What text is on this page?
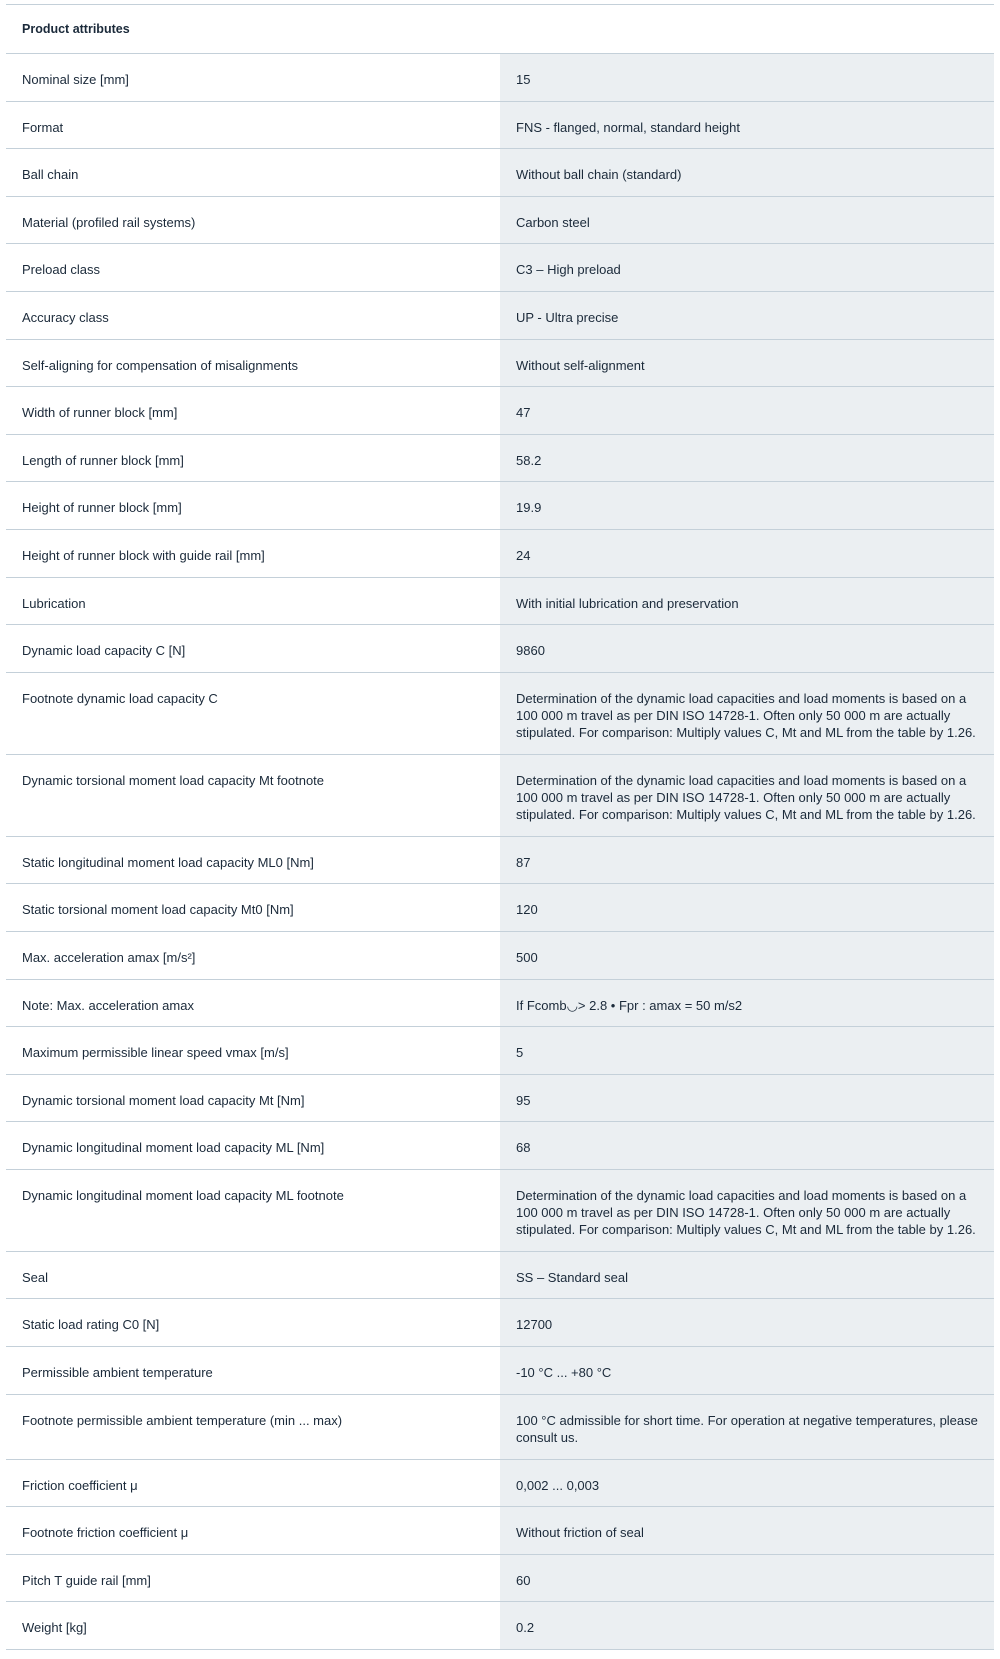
Product attributes
Nominal size [mm]	15
Format	FNS - flanged, normal, standard height
Ball chain	Without ball chain (standard)
Material (profiled rail systems)	Carbon steel
Preload class	C3 – High preload
Accuracy class	UP - Ultra precise
Self-aligning for compensation of misalignments	Without self-alignment
Width of runner block [mm]	47
Length of runner block [mm]	58.2
Height of runner block [mm]	19.9
Height of runner block with guide rail [mm]	24
Lubrication	With initial lubrication and preservation
Dynamic load capacity C [N]	9860
Footnote dynamic load capacity C	Determination of the dynamic load capacities and load moments is based on a 100 000 m travel as per DIN ISO 14728-1. Often only 50 000 m are actually stipulated. For comparison: Multiply values C, Mt and ML from the table by 1.26.
Dynamic torsional moment load capacity Mt footnote	Determination of the dynamic load capacities and load moments is based on a 100 000 m travel as per DIN ISO 14728-1. Often only 50 000 m are actually stipulated. For comparison: Multiply values C, Mt and ML from the table by 1.26.
Static longitudinal moment load capacity ML0 [Nm]	87
Static torsional moment load capacity Mt0 [Nm]	120
Max. acceleration amax [m/s²]	500
Note: Max. acceleration amax	If Fcomb◡> 2.8 • Fpr : amax = 50 m/s2
Maximum permissible linear speed vmax [m/s]	5
Dynamic torsional moment load capacity Mt [Nm]	95
Dynamic longitudinal moment load capacity ML [Nm]	68
Dynamic longitudinal moment load capacity ML footnote	Determination of the dynamic load capacities and load moments is based on a 100 000 m travel as per DIN ISO 14728-1. Often only 50 000 m are actually stipulated. For comparison: Multiply values C, Mt and ML from the table by 1.26.
Seal	SS – Standard seal
Static load rating C0 [N]	12700
Permissible ambient temperature	-10 °C ... +80 °C
Footnote permissible ambient temperature (min ... max)	100 °C admissible for short time. For operation at negative temperatures, please consult us.
Friction coefficient μ	0,002 ... 0,003
Footnote friction coefficient μ	Without friction of seal
Pitch T guide rail [mm]	60
Weight [kg]	0.2
